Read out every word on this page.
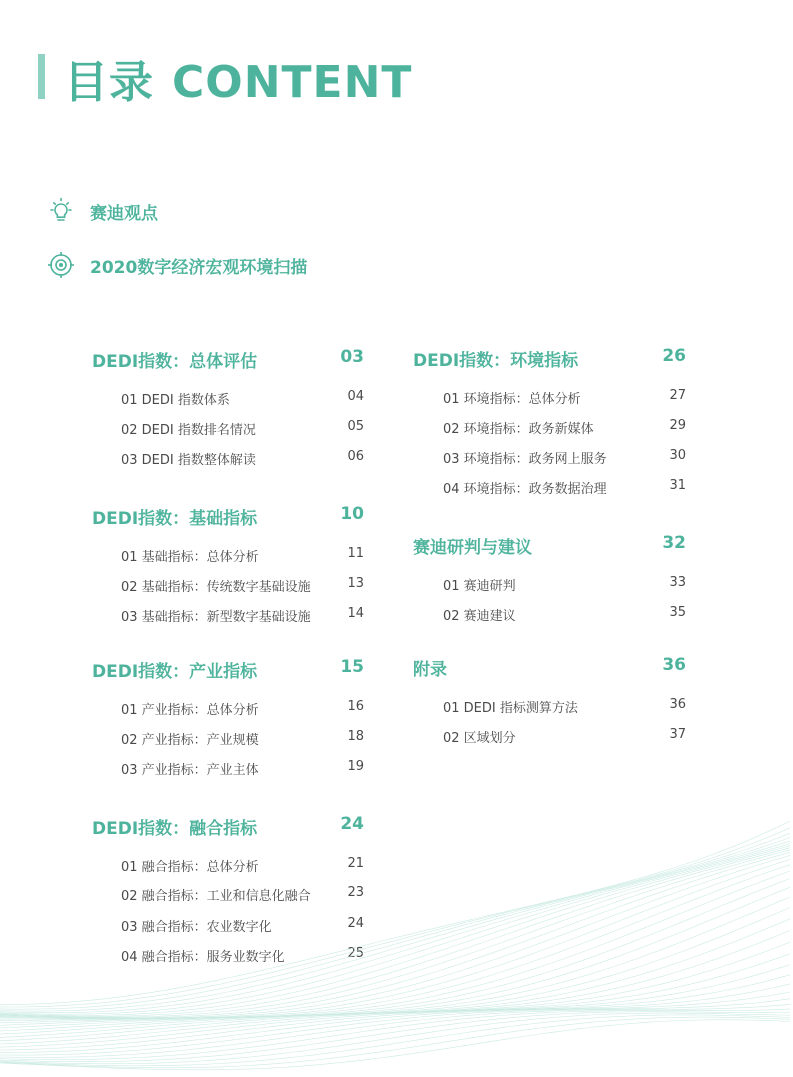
目录 CONTENT
赛迪观点
2020数字经济宏观环境扫描
DEDI指数：总体评估	03
01 DEDI 指数体系	04
02 DEDI 指数排名情况	05
03 DEDI 指数整体解读	06
DEDI指数：基础指标	10
01 基础指标：总体分析	11
02 基础指标：传统数字基础设施	13
03 基础指标：新型数字基础设施	14
DEDI指数：产业指标	15
01 产业指标：总体分析	16
02 产业指标：产业规模	18
03 产业指标：产业主体	19
DEDI指数：融合指标	24
01 融合指标：总体分析	21
02 融合指标：工业和信息化融合	23
03 融合指标：农业数字化	24
04 融合指标：服务业数字化	25
DEDI指数：环境指标	26
01 环境指标：总体分析	27
02 环境指标：政务新媒体	29
03 环境指标：政务网上服务	30
04 环境指标：政务数据治理	31
赛迪研判与建议	32
01 赛迪研判	33
02 赛迪建议	35
附录	36
01 DEDI 指标测算方法	36
02 区域划分	37
